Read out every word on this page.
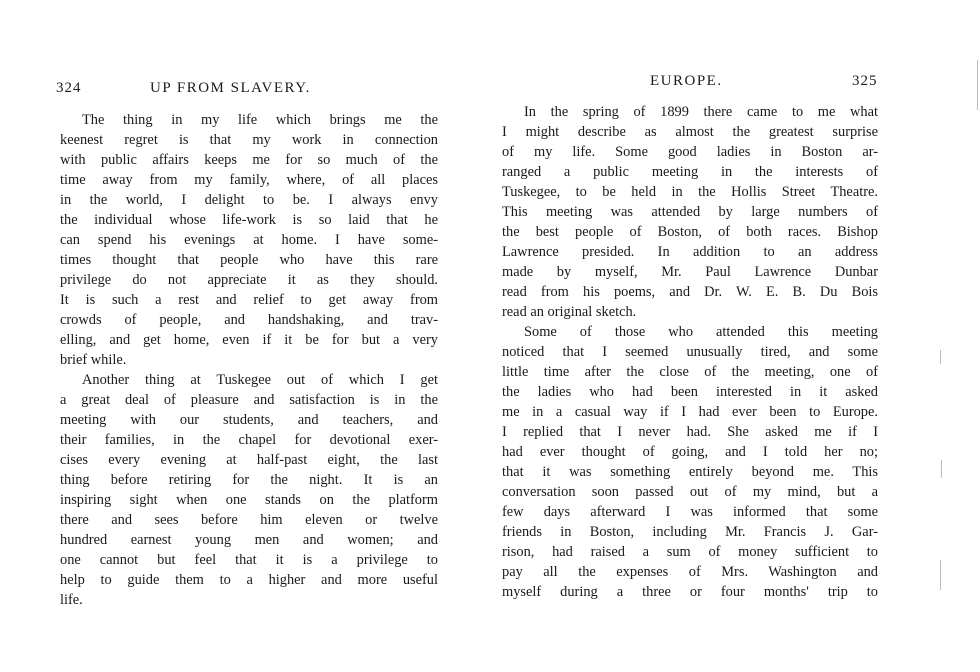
324	UP FROM SLAVERY.
The thing in my life which brings me the
keenest regret is that my work in connection
with public affairs keeps me for so much of the
time away from my family, where, of all places
in the world, I delight to be. I always envy
the individual whose life-work is so laid that he
can spend his evenings at home. I have some-
times thought that people who have this rare
privilege do not appreciate it as they should.
It is such a rest and relief to get away from
crowds of people, and handshaking, and trav-
elling, and get home, even if it be for but a very
brief while.
Another thing at Tuskegee out of which I get
a great deal of pleasure and satisfaction is in the
meeting with our students, and teachers, and
their families, in the chapel for devotional exer-
cises every evening at half-past eight, the last
thing before retiring for the night. It is an
inspiring sight when one stands on the platform
there and sees before him eleven or twelve
hundred earnest young men and women; and
one cannot but feel that it is a privilege to
help to guide them to a higher and more useful
life.
EUROPE.	325
In the spring of 1899 there came to me what
I might describe as almost the greatest surprise
of my life. Some good ladies in Boston ar-
ranged a public meeting in the interests of
Tuskegee, to be held in the Hollis Street Theatre.
This meeting was attended by large numbers of
the best people of Boston, of both races. Bishop
Lawrence presided. In addition to an address
made by myself, Mr. Paul Lawrence Dunbar
read from his poems, and Dr. W. E. B. Du Bois
read an original sketch.
Some of those who attended this meeting
noticed that I seemed unusually tired, and some
little time after the close of the meeting, one of
the ladies who had been interested in it asked
me in a casual way if I had ever been to Europe.
I replied that I never had. She asked me if I
had ever thought of going, and I told her no;
that it was something entirely beyond me. This
conversation soon passed out of my mind, but a
few days afterward I was informed that some
friends in Boston, including Mr. Francis J. Gar-
rison, had raised a sum of money sufficient to
pay all the expenses of Mrs. Washington and
myself during a three or four months' trip to
